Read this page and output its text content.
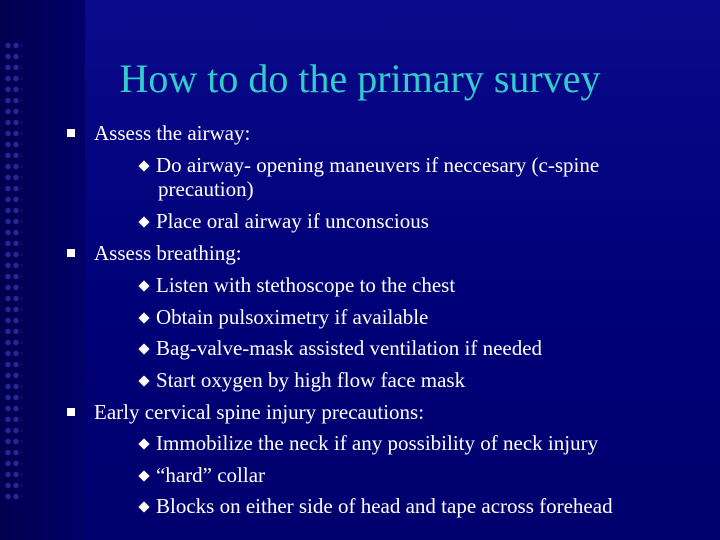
How to do the primary survey
Assess the airway:
Do airway- opening maneuvers if neccesary (c-spine
precaution)
Place oral airway if unconscious
Assess breathing:
Listen with stethoscope to the chest
Obtain pulsoximetry if available
Bag-valve-mask assisted ventilation if needed
Start oxygen by high flow face mask
Early cervical spine injury precautions:
Immobilize the neck if any possibility of neck injury
“hard” collar
Blocks on either side of head and tape across forehead
